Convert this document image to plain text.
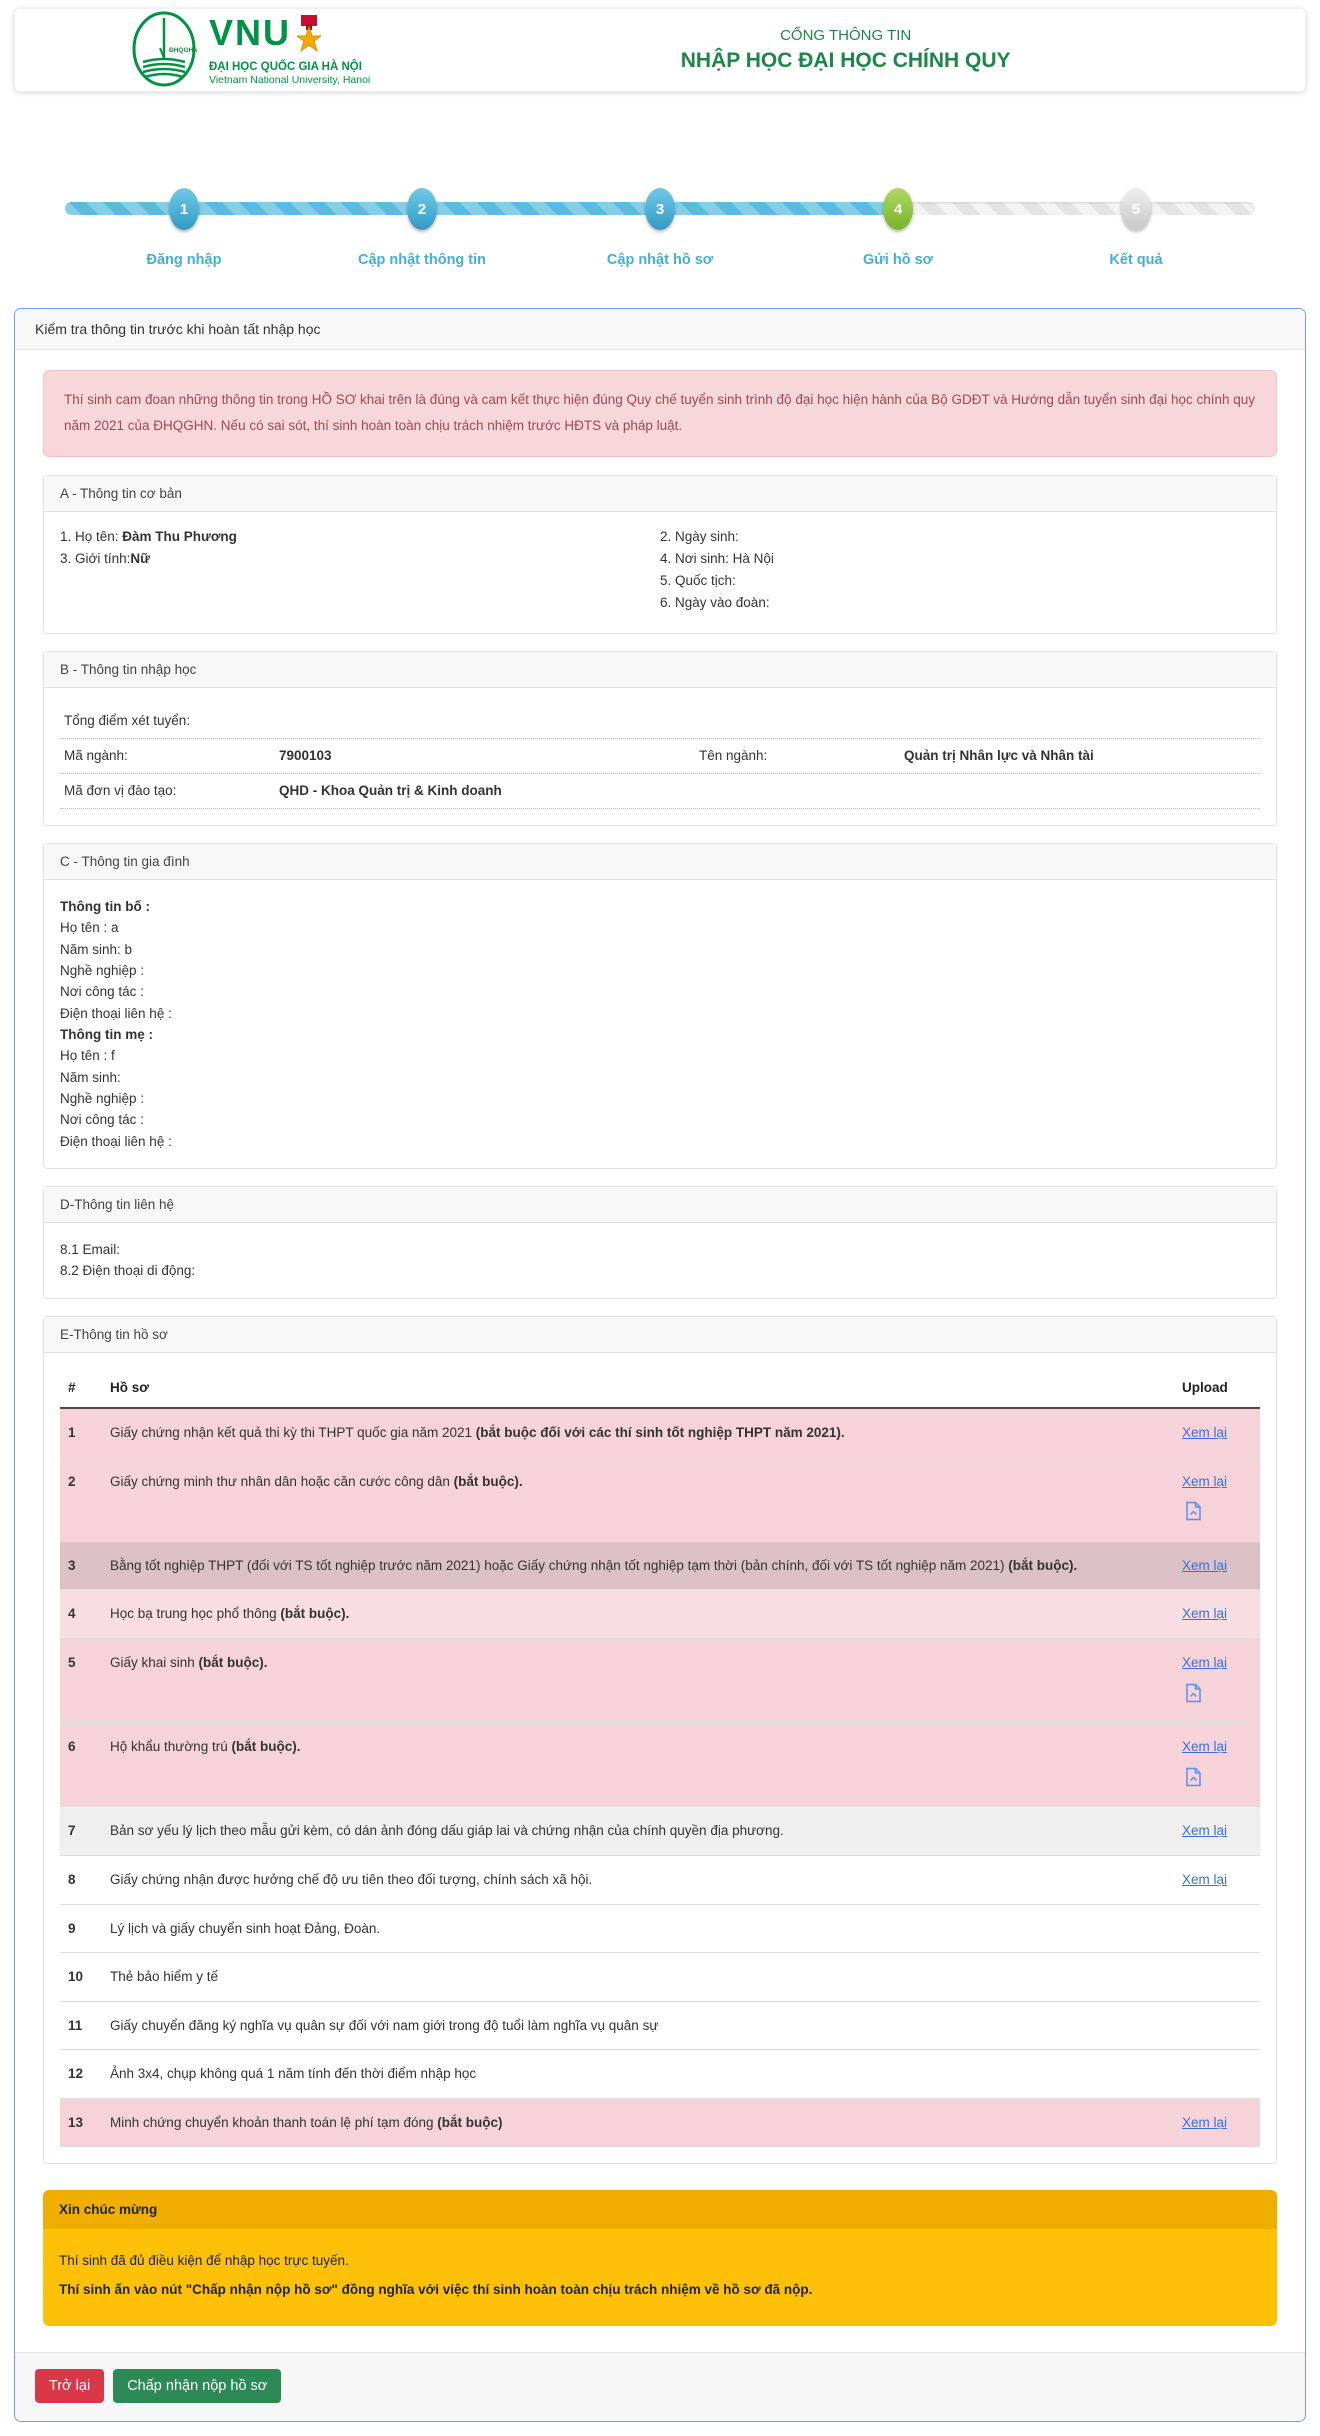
ĐHQGHN VNU
ĐẠI HỌC QUỐC GIA HÀ NỘI
Vietnam National University, Hanoi
CỔNG THÔNG TIN
NHẬP HỌC ĐẠI HỌC CHÍNH QUY
1	2	3	4	5
Đăng nhập	Cập nhật thông tin	Cập nhật hồ sơ	Gửi hồ sơ	Kết quả
Kiểm tra thông tin trước khi hoàn tất nhập học
Thí sinh cam đoan những thông tin trong HỒ SƠ khai trên là đúng và cam kết thực hiện đúng Quy chế tuyển sinh trình độ đại học hiện hành của Bộ GDĐT và Hướng dẫn tuyển sinh đại học chính quy năm 2021 của ĐHQGHN. Nếu có sai sót, thí sinh hoàn toàn chịu trách nhiệm trước HĐTS và pháp luật.
A - Thông tin cơ bản
1. Họ tên: Đàm Thu Phương
3. Giới tính:Nữ
2. Ngày sinh:
4. Nơi sinh: Hà Nội
5. Quốc tịch:
6. Ngày vào đoàn:
B - Thông tin nhập học
Tổng điểm xét tuyển:
Mã ngành:	7900103	Tên ngành:	Quản trị Nhân lực và Nhân tài
Mã đơn vị đào tạo:	QHD - Khoa Quản trị & Kinh doanh
C - Thông tin gia đình
Thông tin bố :
Họ tên : a
Năm sinh: b
Nghề nghiệp :
Nơi công tác :
Điện thoại liên hệ :
Thông tin mẹ :
Họ tên : f
Năm sinh:
Nghề nghiệp :
Nơi công tác :
Điện thoại liên hệ :
D-Thông tin liên hệ
8.1 Email:
8.2 Điện thoại di động:
E-Thông tin hồ sơ
#	Hồ sơ	Upload
1	Giấy chứng nhận kết quả thi kỳ thi THPT quốc gia năm 2021 (bắt buộc đối với các thí sinh tốt nghiệp THPT năm 2021).	Xem lại
2	Giấy chứng minh thư nhân dân hoặc căn cước công dân (bắt buộc).	Xem lại

3	Bằng tốt nghiệp THPT (đối với TS tốt nghiệp trước năm 2021) hoặc Giấy chứng nhận tốt nghiệp tạm thời (bản chính, đối với TS tốt nghiệp năm 2021) (bắt buộc).	Xem lại
4	Học bạ trung học phổ thông (bắt buộc).	Xem lại
5	Giấy khai sinh (bắt buộc).	Xem lại

6	Hộ khẩu thường trú (bắt buộc).	Xem lại

7	Bản sơ yếu lý lịch theo mẫu gửi kèm, có dán ảnh đóng dấu giáp lai và chứng nhận của chính quyền địa phương.	Xem lại
8	Giấy chứng nhận được hưởng chế độ ưu tiên theo đối tượng, chính sách xã hội.	Xem lại
9	Lý lịch và giấy chuyển sinh hoạt Đảng, Đoàn.	
10	Thẻ bảo hiểm y tế	
11	Giấy chuyển đăng ký nghĩa vụ quân sự đối với nam giới trong độ tuổi làm nghĩa vụ quân sự	
12	Ảnh 3x4, chụp không quá 1 năm tính đến thời điểm nhập học	
13	Minh chứng chuyển khoản thanh toán lệ phí tạm đóng (bắt buộc)	Xem lại
Xin chúc mừng
Thí sinh đã đủ điều kiện để nhập học trực tuyến.
Thí sinh ấn vào nút "Chấp nhận nộp hồ sơ" đồng nghĩa với việc thí sinh hoàn toàn chịu trách nhiệm về hồ sơ đã nộp.
Trở lại	Chấp nhận nộp hồ sơ
